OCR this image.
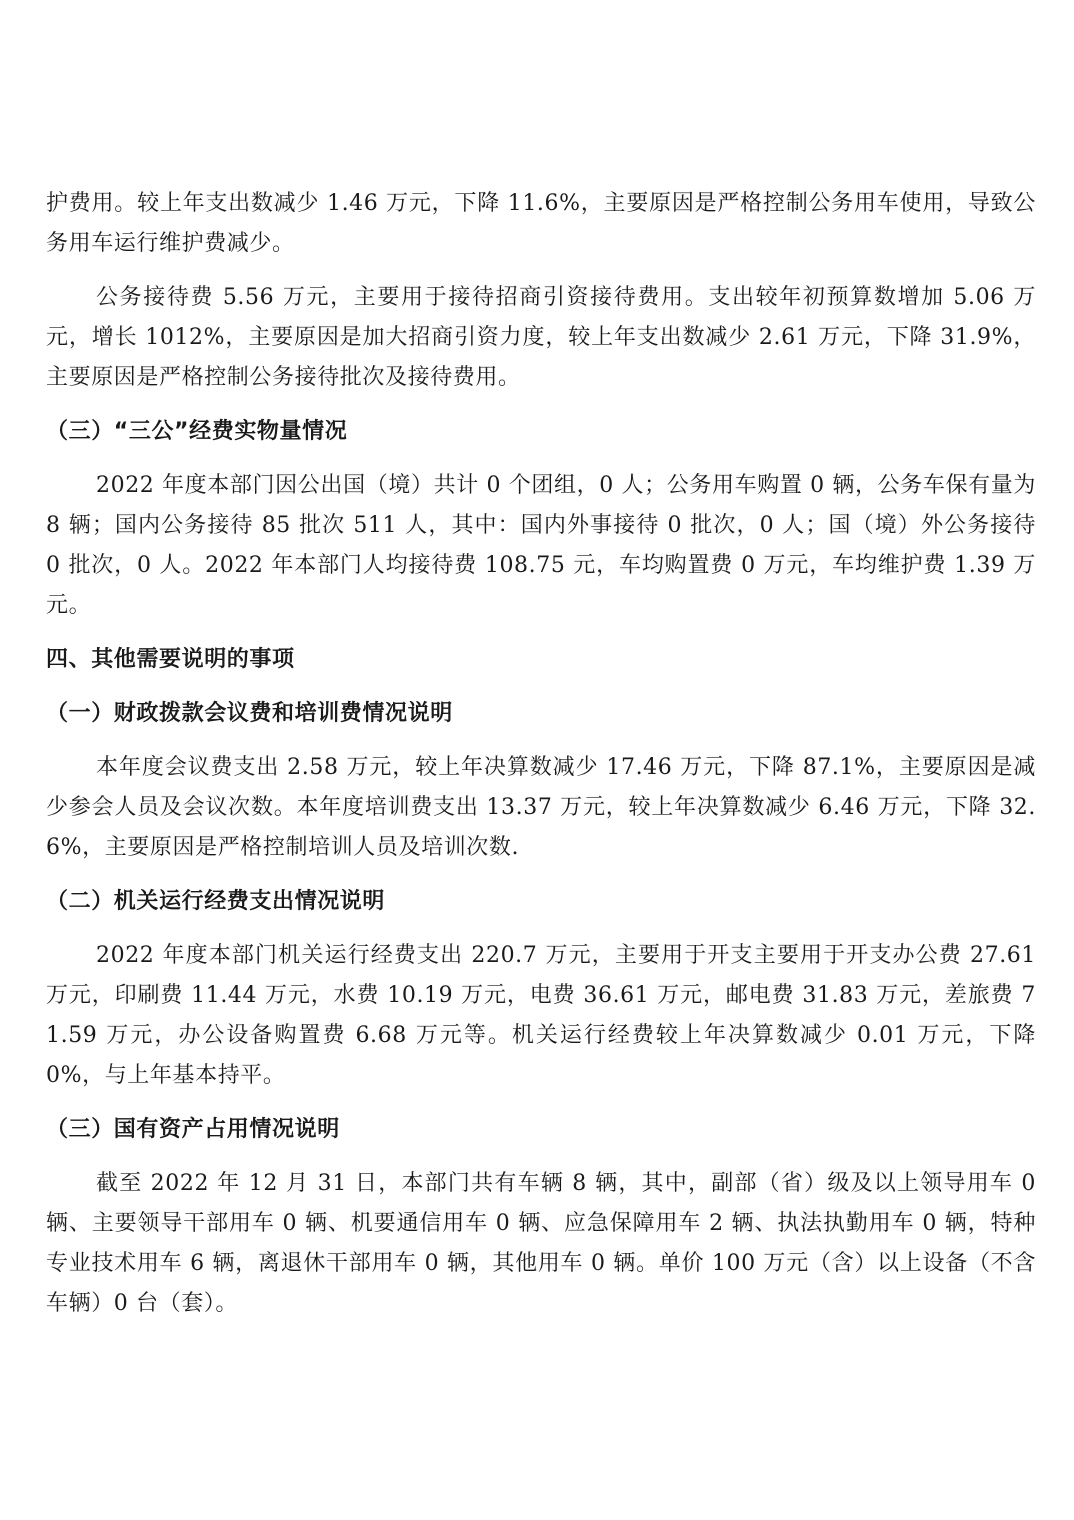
护费用。较上年支出数减少 1.46 万元，下降 11.6%，主要原因是严格控制公务用车使用，导致公务用车运行维护费减少。

公务接待费 5.56 万元，主要用于接待招商引资接待费用。支出较年初预算数增加 5.06 万元，增长 1012%，主要原因是加大招商引资力度，较上年支出数减少 2.61 万元，下降 31.9%，主要原因是严格控制公务接待批次及接待费用。

（三）“三公”经费实物量情况

2022 年度本部门因公出国（境）共计 0 个团组，0 人；公务用车购置 0 辆，公务车保有量为 8 辆；国内公务接待 85 批次 511 人，其中：国内外事接待 0 批次，0 人；国（境）外公务接待 0 批次，0 人。2022 年本部门人均接待费 108.75 元，车均购置费 0 万元，车均维护费 1.39 万元。

四、其他需要说明的事项
（一）财政拨款会议费和培训费情况说明

本年度会议费支出 2.58 万元，较上年决算数减少 17.46 万元，下降 87.1%，主要原因是减少参会人员及会议次数。本年度培训费支出 13.37 万元，较上年决算数减少 6.46 万元，下降 32.6%，主要原因是严格控制培训人员及培训次数.

（二）机关运行经费支出情况说明

2022 年度本部门机关运行经费支出 220.7 万元，主要用于开支主要用于开支办公费 27.61 万元，印刷费 11.44 万元，水费 10.19 万元，电费 36.61 万元，邮电费 31.83 万元，差旅费 71.59 万元，办公设备购置费 6.68 万元等。机关运行经费较上年决算数减少 0.01 万元，下降 0%，与上年基本持平。

（三）国有资产占用情况说明

截至 2022 年 12 月 31 日，本部门共有车辆 8 辆，其中，副部（省）级及以上领导用车 0 辆、主要领导干部用车 0 辆、机要通信用车 0 辆、应急保障用车 2 辆、执法执勤用车 0 辆，特种专业技术用车 6 辆，离退休干部用车 0 辆，其他用车 0 辆。单价 100 万元（含）以上设备（不含车辆）0 台（套）。
